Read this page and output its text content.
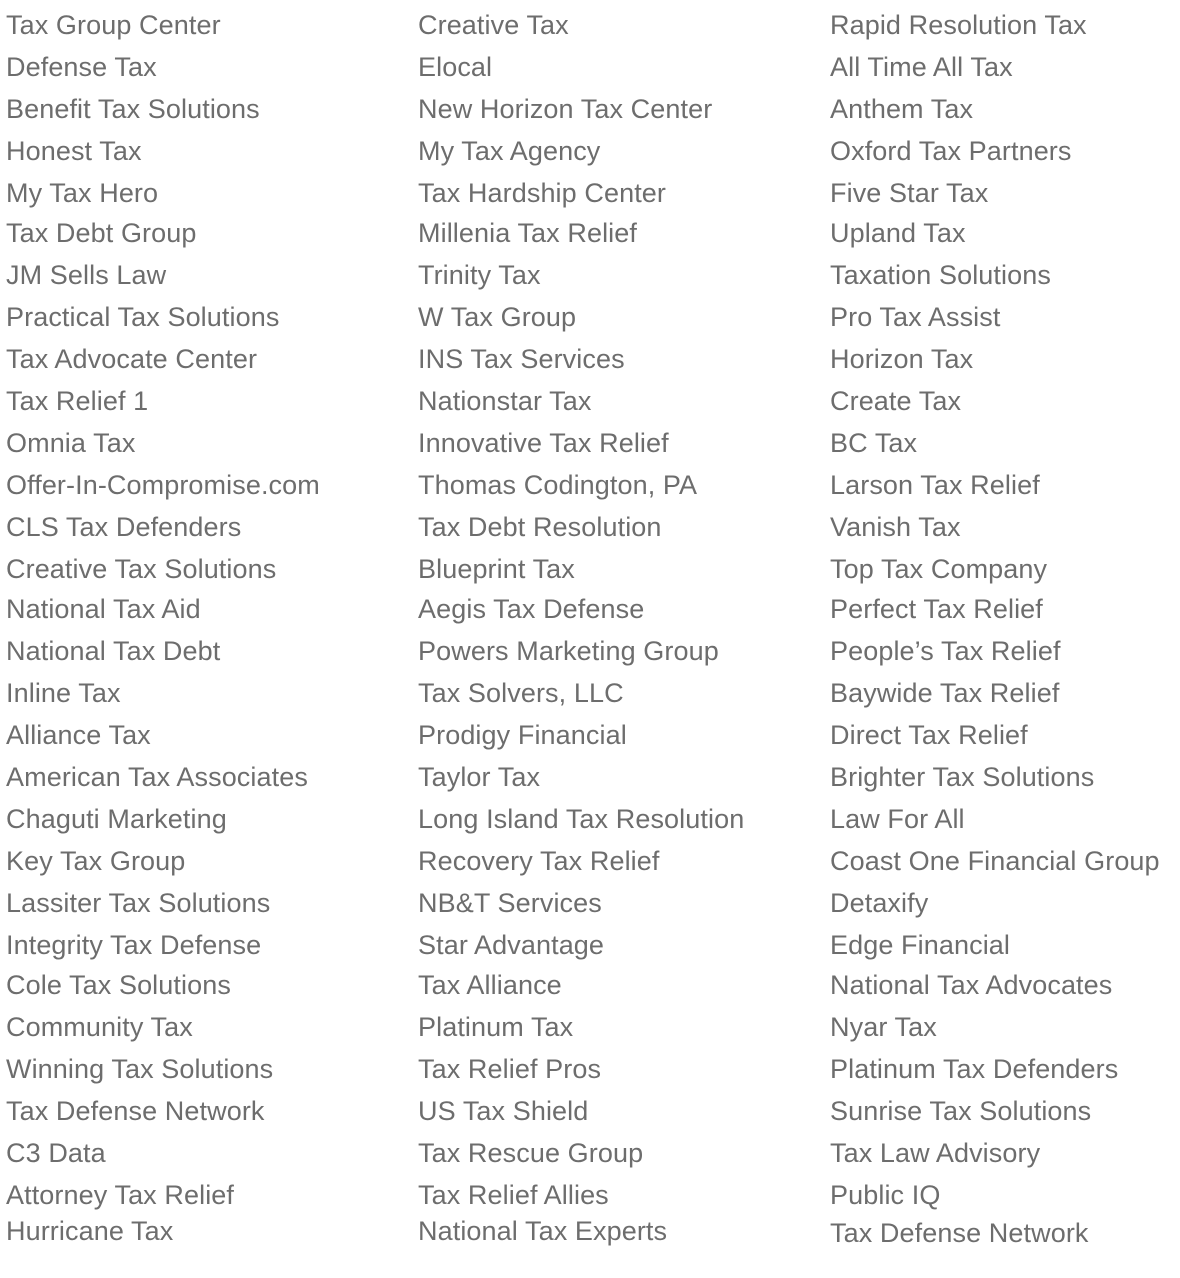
Tax Group Center
Defense Tax
Benefit Tax Solutions
Honest Tax
My Tax Hero
Tax Debt Group
JM Sells Law
Practical Tax Solutions
Tax Advocate Center
Tax Relief 1
Omnia Tax
Offer-In-Compromise.com
CLS Tax Defenders
Creative Tax Solutions
National Tax Aid
National Tax Debt
Inline Tax
Alliance Tax
American Tax Associates
Chaguti Marketing
Key Tax Group
Lassiter Tax Solutions
Integrity Tax Defense
Cole Tax Solutions
Community Tax
Winning Tax Solutions
Tax Defense Network
C3 Data
Attorney Tax Relief
Hurricane Tax
Creative Tax
Elocal
New Horizon Tax Center
My Tax Agency
Tax Hardship Center
Millenia Tax Relief
Trinity Tax
W Tax Group
INS Tax Services
Nationstar Tax
Innovative Tax Relief
Thomas Codington, PA
Tax Debt Resolution
Blueprint Tax
Aegis Tax Defense
Powers Marketing Group
Tax Solvers, LLC
Prodigy Financial
Taylor Tax
Long Island Tax Resolution
Recovery Tax Relief
NB&T Services
Star Advantage
Tax Alliance
Platinum Tax
Tax Relief Pros
US Tax Shield
Tax Rescue Group
Tax Relief Allies
National Tax Experts
Rapid Resolution Tax
All Time All Tax
Anthem Tax
Oxford Tax Partners
Five Star Tax
Upland Tax
Taxation Solutions
Pro Tax Assist
Horizon Tax
Create Tax
BC Tax
Larson Tax Relief
Vanish Tax
Top Tax Company
Perfect Tax Relief
People’s Tax Relief
Baywide Tax Relief
Direct Tax Relief
Brighter Tax Solutions
Law For All
Coast One Financial Group
Detaxify
Edge Financial
National Tax Advocates
Nyar Tax
Platinum Tax Defenders
Sunrise Tax Solutions
Tax Law Advisory
Public IQ
Tax Defense Network
